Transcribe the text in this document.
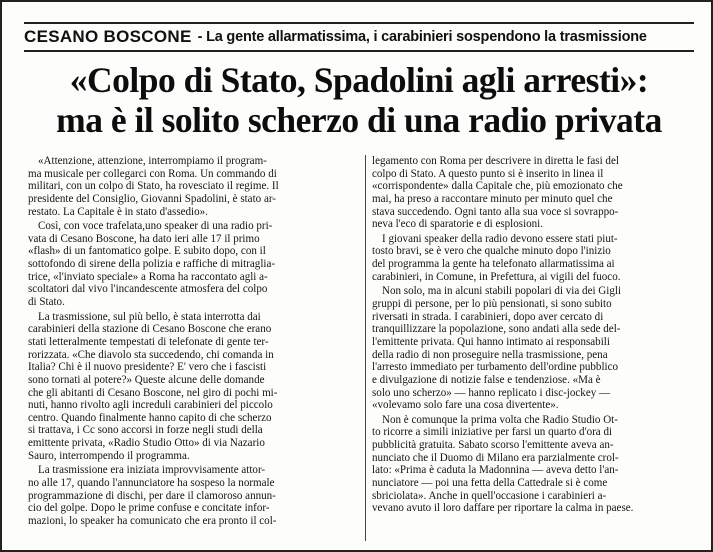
CESANO BOSCONE - La gente allarmatissima, i carabinieri sospendono la trasmissione
«Colpo di Stato, Spadolini agli arresti»:
ma è il solito scherzo di una radio privata
«Attenzione, attenzione, interrompiamo il program-
ma musicale per collegarci con Roma. Un commando di
militari, con un colpo di Stato, ha rovesciato il regime. Il
presidente del Consiglio, Giovanni Spadolini, è stato ar-
restato. La Capitale è in stato d'assedio».
Così, con voce trafelata,uno speaker di una radio pri-
vata di Cesano Boscone, ha dato ieri alle 17 il primo
«flash» di un fantomatico golpe. E subito dopo, con il
sottofondo di sirene della polizia e raffiche di mitraglia-
trice, «l'inviato speciale» a Roma ha raccontato agli a-
scoltatori dal vivo l'incandescente atmosfera del colpo
di Stato.
La trasmissione, sul più bello, è stata interrotta dai
carabinieri della stazione di Cesano Boscone che erano
stati letteralmente tempestati di telefonate di gente ter-
rorizzata. «Che diavolo sta succedendo, chi comanda in
Italia? Chi è il nuovo presidente? E' vero che i fascisti
sono tornati al potere?» Queste alcune delle domande
che gli abitanti di Cesano Boscone, nel giro di pochi mi-
nuti, hanno rivolto agli increduli carabinieri del piccolo
centro. Quando finalmente hanno capito di che scherzo
si trattava, i Cc sono accorsi in forze negli studi della
emittente privata, «Radio Studio Otto» di via Nazario
Sauro, interrompendo il programma.
La trasmissione era iniziata improvvisamente attor-
no alle 17, quando l'annunciatore ha sospeso la normale
programmazione di dischi, per dare il clamoroso annun-
cio del golpe. Dopo le prime confuse e concitate infor-
mazioni, lo speaker ha comunicato che era pronto il col-
legamento con Roma per descrivere in diretta le fasi del
colpo di Stato. A questo punto si è inserito in linea il
«corrispondente» dalla Capitale che, più emozionato che
mai, ha preso a raccontare minuto per minuto quel che
stava succedendo. Ogni tanto alla sua voce si sovrappo-
neva l'eco di sparatorie e di esplosioni.
I giovani speaker della radio devono essere stati piut-
tosto bravi, se è vero che qualche minuto dopo l'inizio
del programma la gente ha telefonato allarmatissima ai
carabinieri, in Comune, in Prefettura, ai vigili del fuoco.
Non solo, ma in alcuni stabili popolari di via dei Gigli
gruppi di persone, per lo più pensionati, si sono subito
riversati in strada. I carabinieri, dopo aver cercato di
tranquillizzare la popolazione, sono andati alla sede del-
l'emittente privata. Qui hanno intimato ai responsabili
della radio di non proseguire nella trasmissione, pena
l'arresto immediato per turbamento dell'ordine pubblico
e divulgazione di notizie false e tendenziose. «Ma è
solo uno scherzo» — hanno replicato i disc-jockey —
«volevamo solo fare una cosa divertente».
Non è comunque la prima volta che Radio Studio Ot-
to ricorre a simili iniziative per farsi un quarto d'ora di
pubblicità gratuita. Sabato scorso l'emittente aveva an-
nunciato che il Duomo di Milano era parzialmente crol-
lato: «Prima è caduta la Madonnina — aveva detto l'an-
nunciatore — poi una fetta della Cattedrale si è come
sbriciolata». Anche in quell'occasione i carabinieri a-
vevano avuto il loro daffare per riportare la calma in paese.
